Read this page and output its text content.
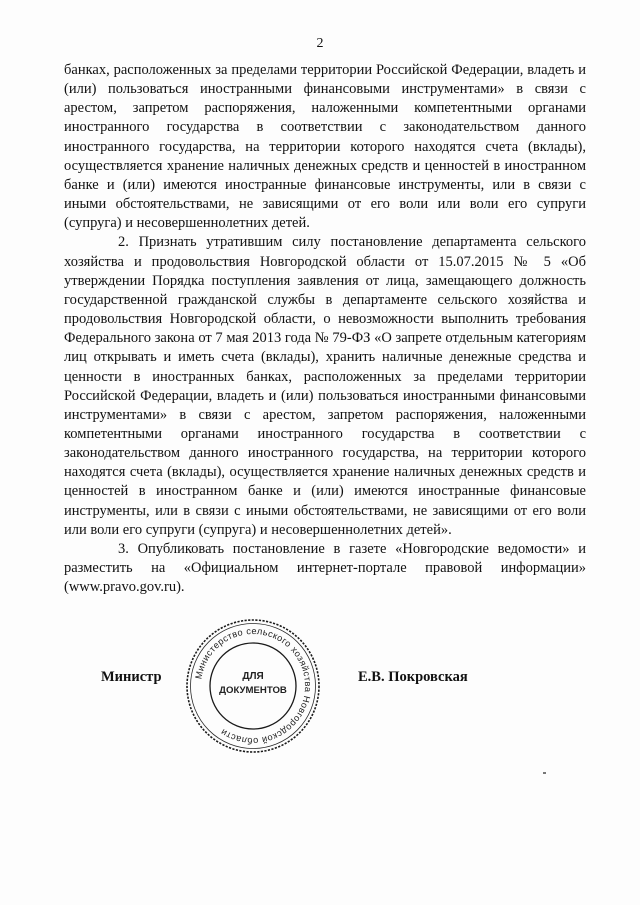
2

банках, расположенных за пределами территории Российской Федерации, владеть и (или) пользоваться иностранными финансовыми инструментами» в связи с арестом, запретом распоряжения, наложенными компетентными органами иностранного государства в соответствии с законодательством данного иностранного государства, на территории которого находятся счета (вклады), осуществляется хранение наличных денежных средств и ценностей в иностранном банке и (или) имеются иностранные финансовые инструменты, или в связи с иными обстоятельствами, не зависящими от его воли или воли его супруги (супруга) и несовершеннолетних детей.

2. Признать утратившим силу постановление департамента сельского хозяйства и продовольствия Новгородской области от 15.07.2015 № 5 «Об утверждении Порядка поступления заявления от лица, замещающего должность государственной гражданской службы в департаменте сельского хозяйства и продовольствия Новгородской области, о невозможности выполнить требования Федерального закона от 7 мая 2013 года № 79-ФЗ «О запрете отдельным категориям лиц открывать и иметь счета (вклады), хранить наличные денежные средства и ценности в иностранных банках, расположенных за пределами территории Российской Федерации, владеть и (или) пользоваться иностранными финансовыми инструментами» в связи с арестом, запретом распоряжения, наложенными компетентными органами иностранного государства в соответствии с законодательством данного иностранного государства, на территории которого находятся счета (вклады), осуществляется хранение наличных денежных средств и ценностей в иностранном банке и (или) имеются иностранные финансовые инструменты, или в связи с иными обстоятельствами, не зависящими от его воли или воли его супруги (супруга) и несовершеннолетних детей».

3. Опубликовать постановление в газете «Новгородские ведомости» и разместить на «Официальном интернет-портале правовой информации» (www.pravo.gov.ru).

Министр	Е.В. Покровская
Министерство сельского хозяйства Новгородской области
ДЛЯ
ДОКУМЕНТОВ
